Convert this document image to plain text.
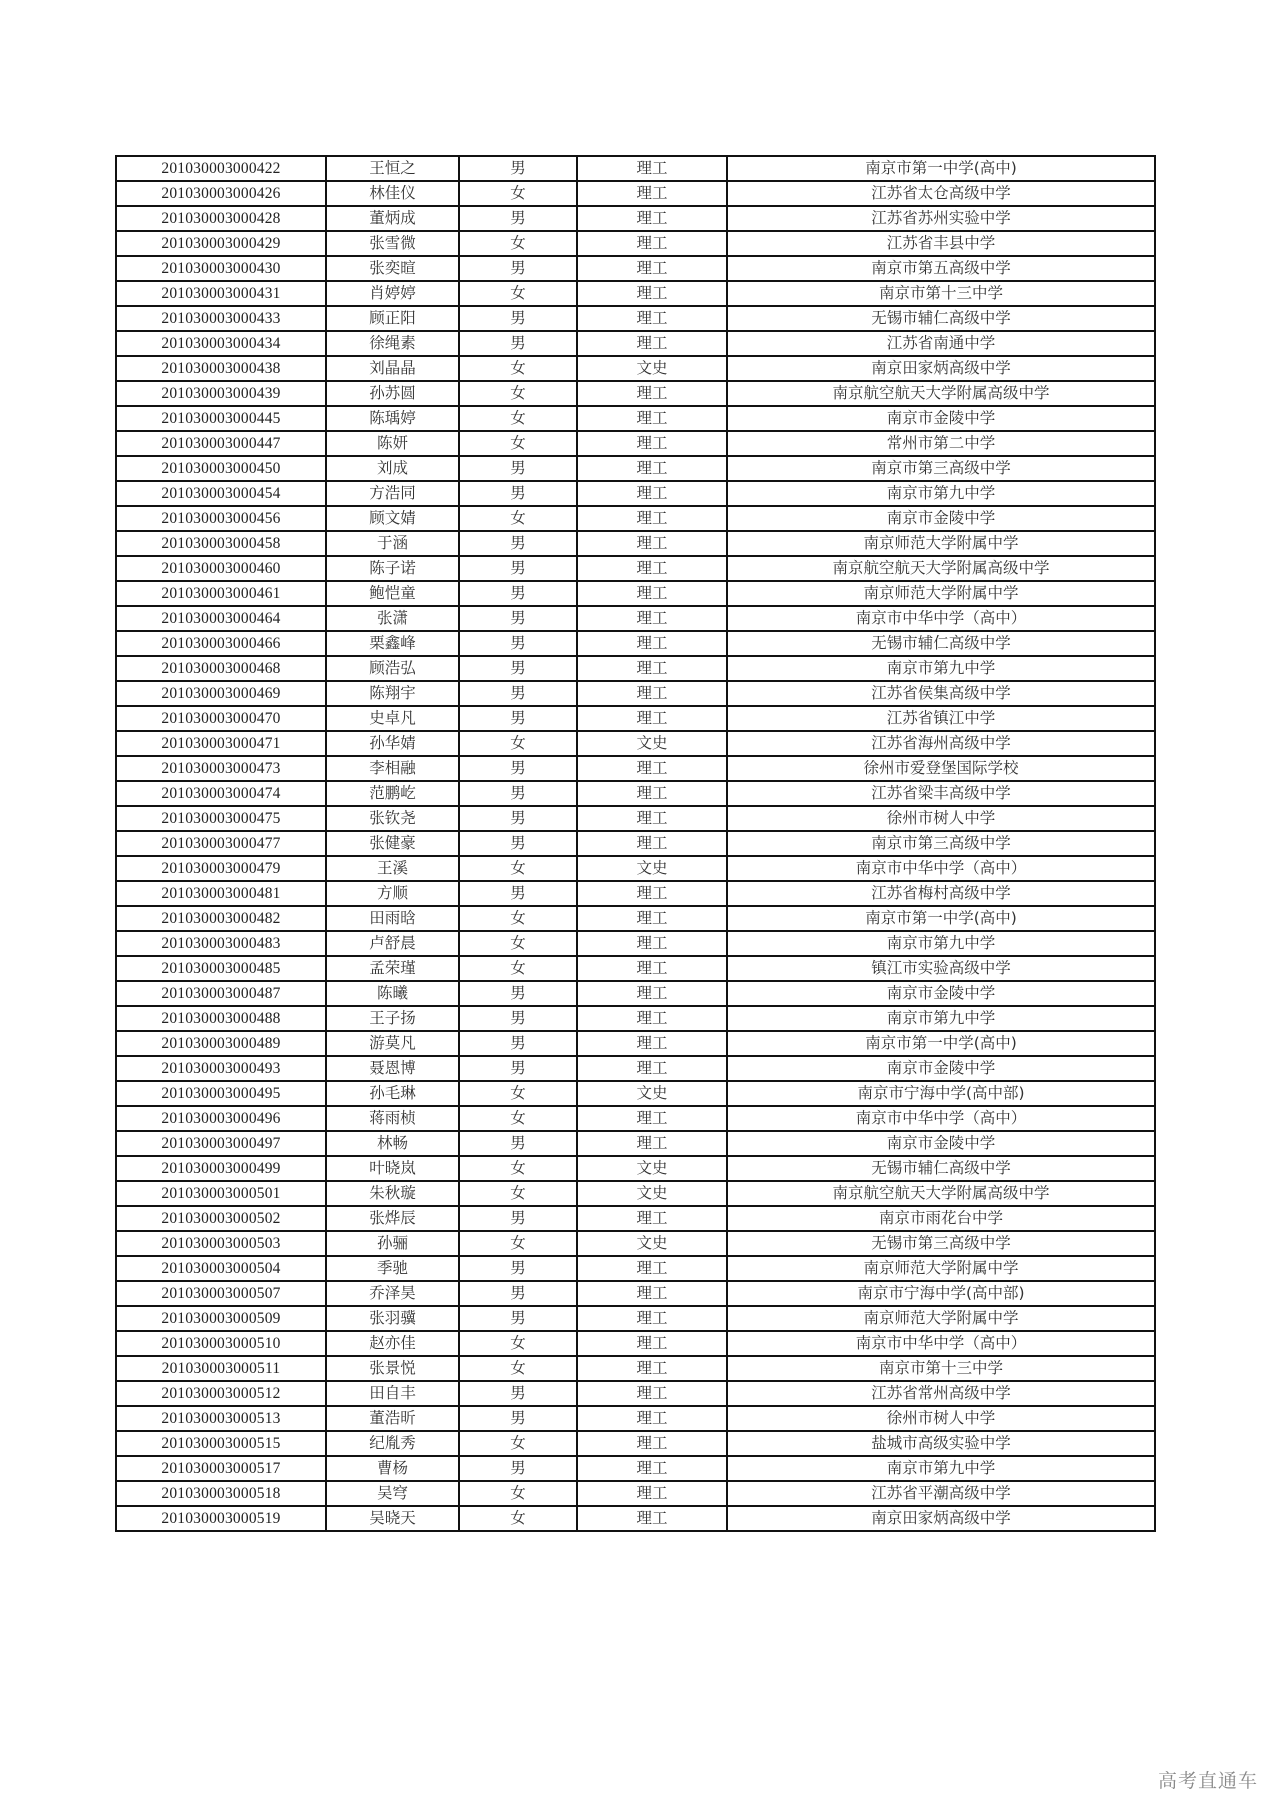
201030003000422	王恒之	男	理工	南京市第一中学(高中)
201030003000426	林佳仪	女	理工	江苏省太仓高级中学
201030003000428	董炳成	男	理工	江苏省苏州实验中学
201030003000429	张雪微	女	理工	江苏省丰县中学
201030003000430	张奕暄	男	理工	南京市第五高级中学
201030003000431	肖婷婷	女	理工	南京市第十三中学
201030003000433	顾正阳	男	理工	无锡市辅仁高级中学
201030003000434	徐绳素	男	理工	江苏省南通中学
201030003000438	刘晶晶	女	文史	南京田家炳高级中学
201030003000439	孙苏圆	女	理工	南京航空航天大学附属高级中学
201030003000445	陈瑀婷	女	理工	南京市金陵中学
201030003000447	陈妍	女	理工	常州市第二中学
201030003000450	刘成	男	理工	南京市第三高级中学
201030003000454	方浩同	男	理工	南京市第九中学
201030003000456	顾文婧	女	理工	南京市金陵中学
201030003000458	于涵	男	理工	南京师范大学附属中学
201030003000460	陈子诺	男	理工	南京航空航天大学附属高级中学
201030003000461	鲍恺童	男	理工	南京师范大学附属中学
201030003000464	张潇	男	理工	南京市中华中学（高中）
201030003000466	栗鑫峰	男	理工	无锡市辅仁高级中学
201030003000468	顾浩弘	男	理工	南京市第九中学
201030003000469	陈翔宇	男	理工	江苏省侯集高级中学
201030003000470	史卓凡	男	理工	江苏省镇江中学
201030003000471	孙华婧	女	文史	江苏省海州高级中学
201030003000473	李相融	男	理工	徐州市爱登堡国际学校
201030003000474	范鹏屹	男	理工	江苏省梁丰高级中学
201030003000475	张钦尧	男	理工	徐州市树人中学
201030003000477	张健豪	男	理工	南京市第三高级中学
201030003000479	王溪	女	文史	南京市中华中学（高中）
201030003000481	方顺	男	理工	江苏省梅村高级中学
201030003000482	田雨晗	女	理工	南京市第一中学(高中)
201030003000483	卢舒晨	女	理工	南京市第九中学
201030003000485	孟荣瑾	女	理工	镇江市实验高级中学
201030003000487	陈曦	男	理工	南京市金陵中学
201030003000488	王子扬	男	理工	南京市第九中学
201030003000489	游莫凡	男	理工	南京市第一中学(高中)
201030003000493	聂恩博	男	理工	南京市金陵中学
201030003000495	孙毛琳	女	文史	南京市宁海中学(高中部)
201030003000496	蒋雨桢	女	理工	南京市中华中学（高中）
201030003000497	林畅	男	理工	南京市金陵中学
201030003000499	叶晓岚	女	文史	无锡市辅仁高级中学
201030003000501	朱秋璇	女	文史	南京航空航天大学附属高级中学
201030003000502	张烨辰	男	理工	南京市雨花台中学
201030003000503	孙骊	女	文史	无锡市第三高级中学
201030003000504	季驰	男	理工	南京师范大学附属中学
201030003000507	乔泽昊	男	理工	南京市宁海中学(高中部)
201030003000509	张羽骥	男	理工	南京师范大学附属中学
201030003000510	赵亦佳	女	理工	南京市中华中学（高中）
201030003000511	张景悦	女	理工	南京市第十三中学
201030003000512	田自丰	男	理工	江苏省常州高级中学
201030003000513	董浩昕	男	理工	徐州市树人中学
201030003000515	纪胤秀	女	理工	盐城市高级实验中学
201030003000517	曹杨	男	理工	南京市第九中学
201030003000518	吴穹	女	理工	江苏省平潮高级中学
201030003000519	吴晓天	女	理工	南京田家炳高级中学
高考直通车
